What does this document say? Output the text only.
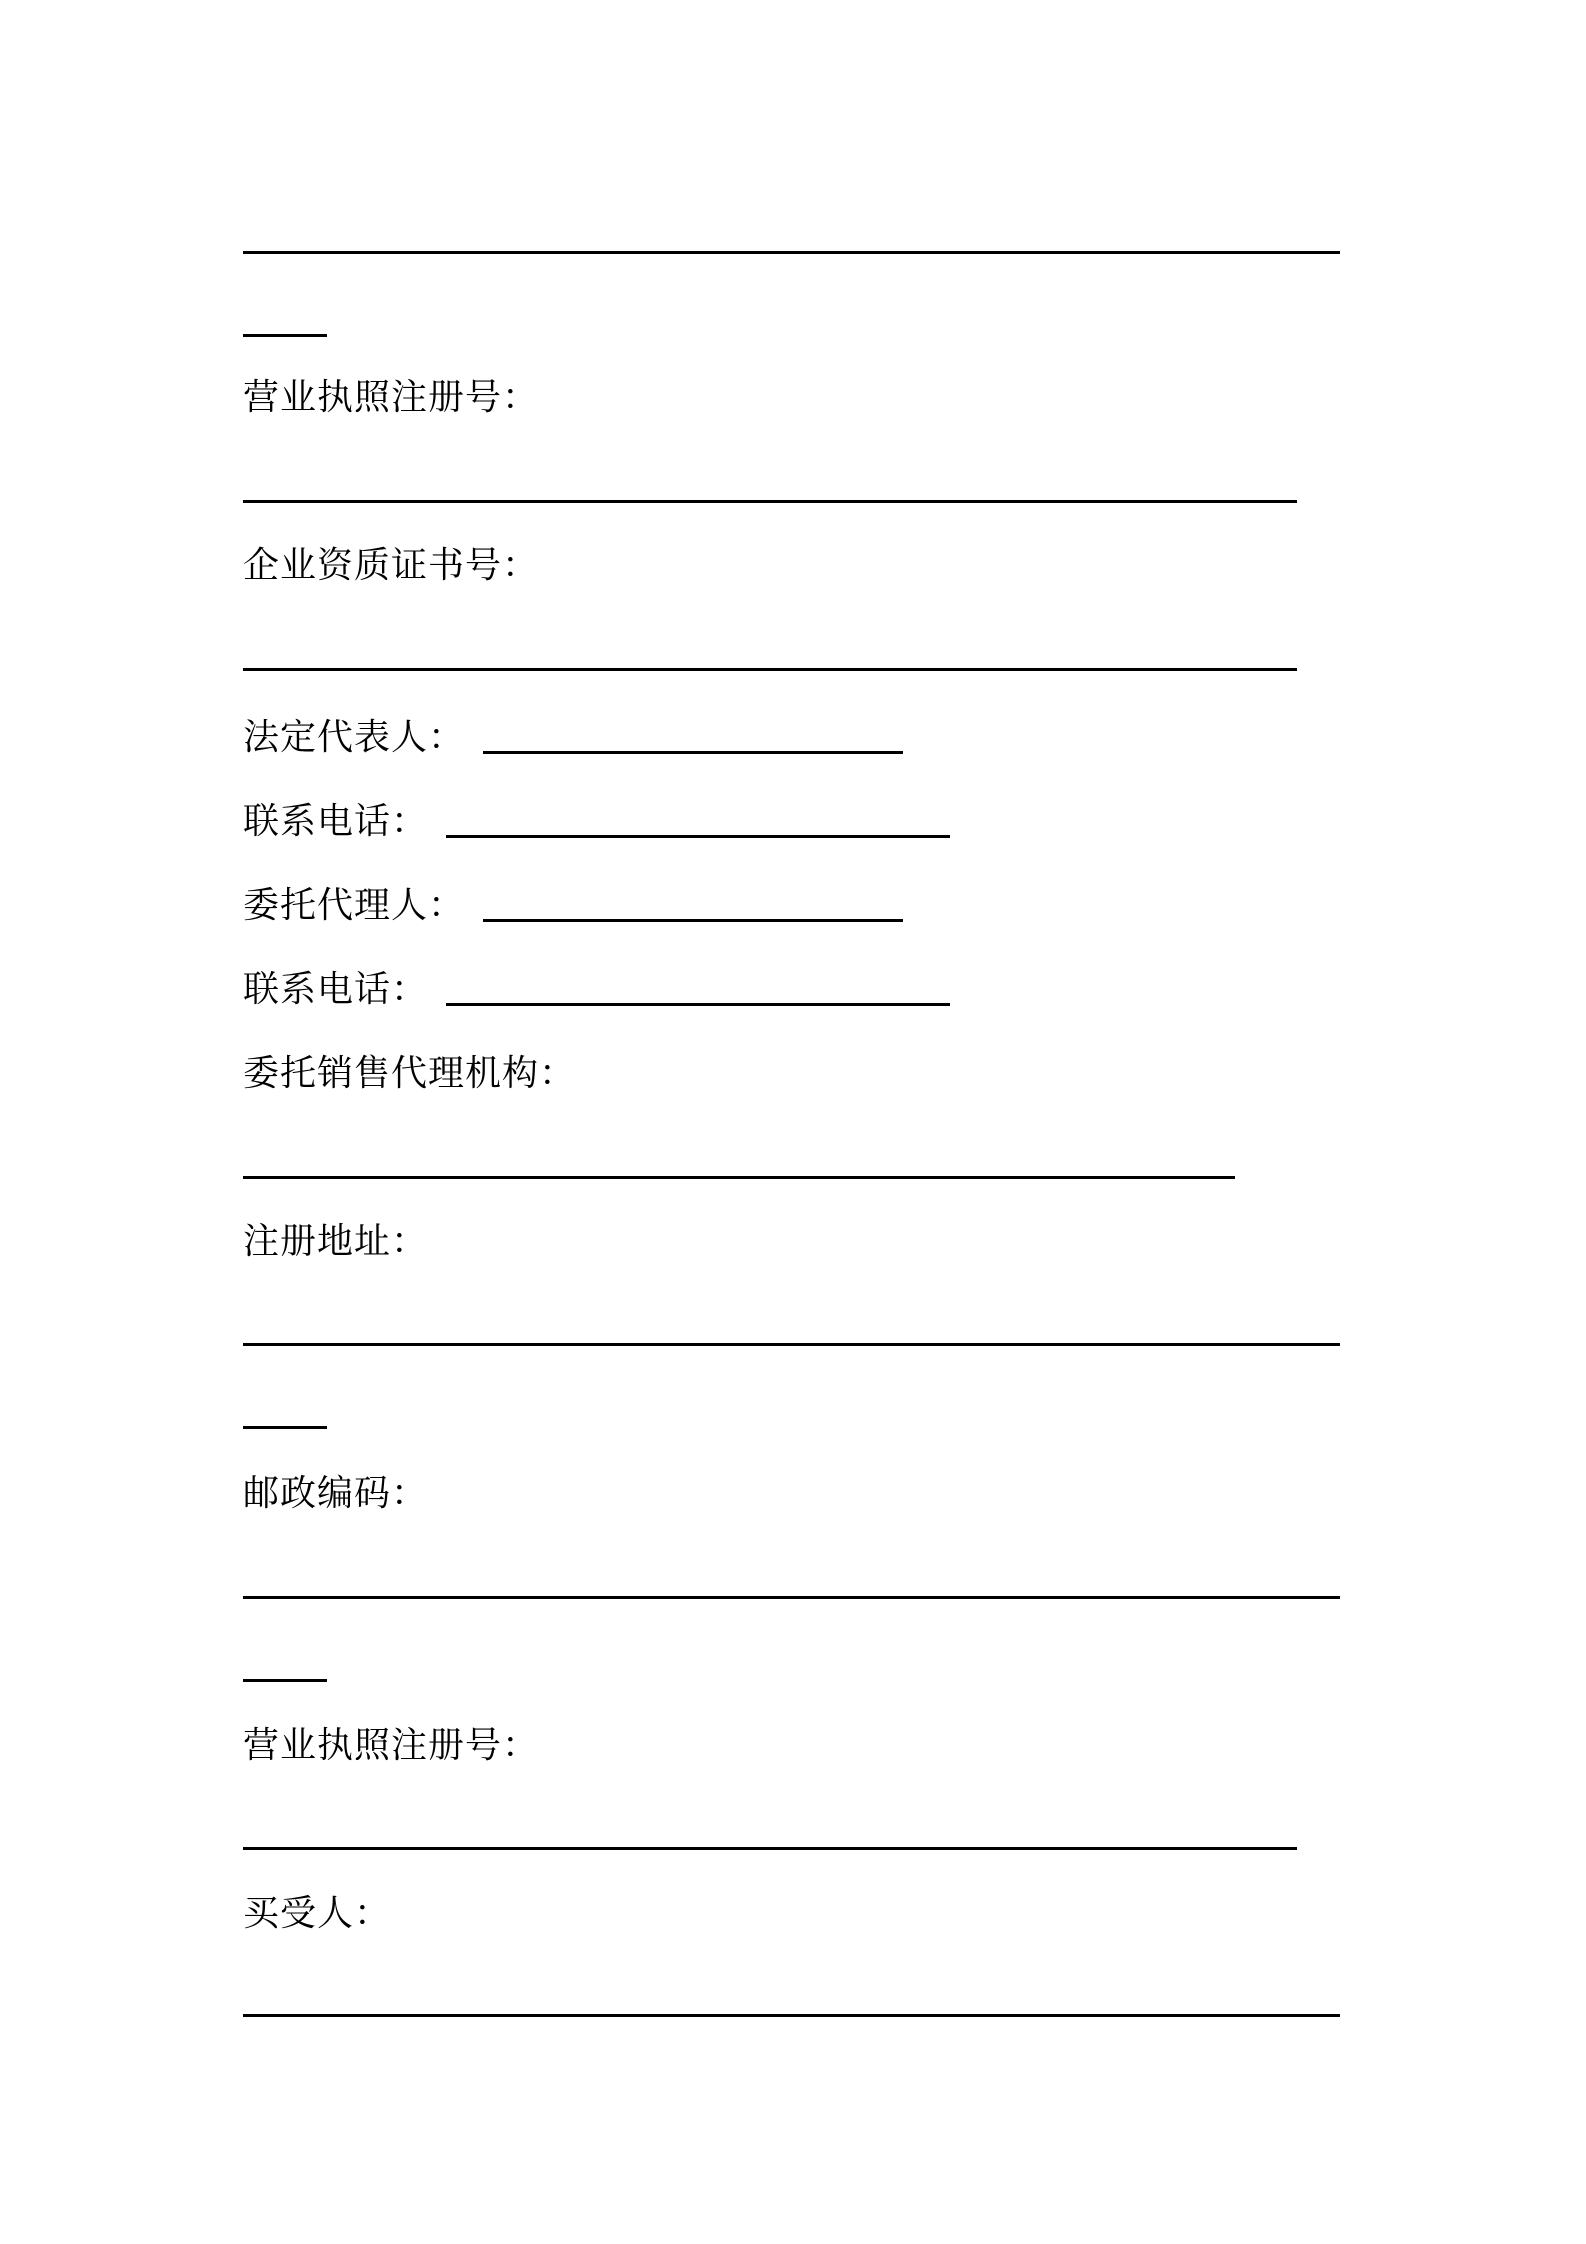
营业执照注册号：
企业资质证书号：
法定代表人：
联系电话：
委托代理人：
联系电话：
委托销售代理机构：
注册地址：
邮政编码：
营业执照注册号：
买受人：
